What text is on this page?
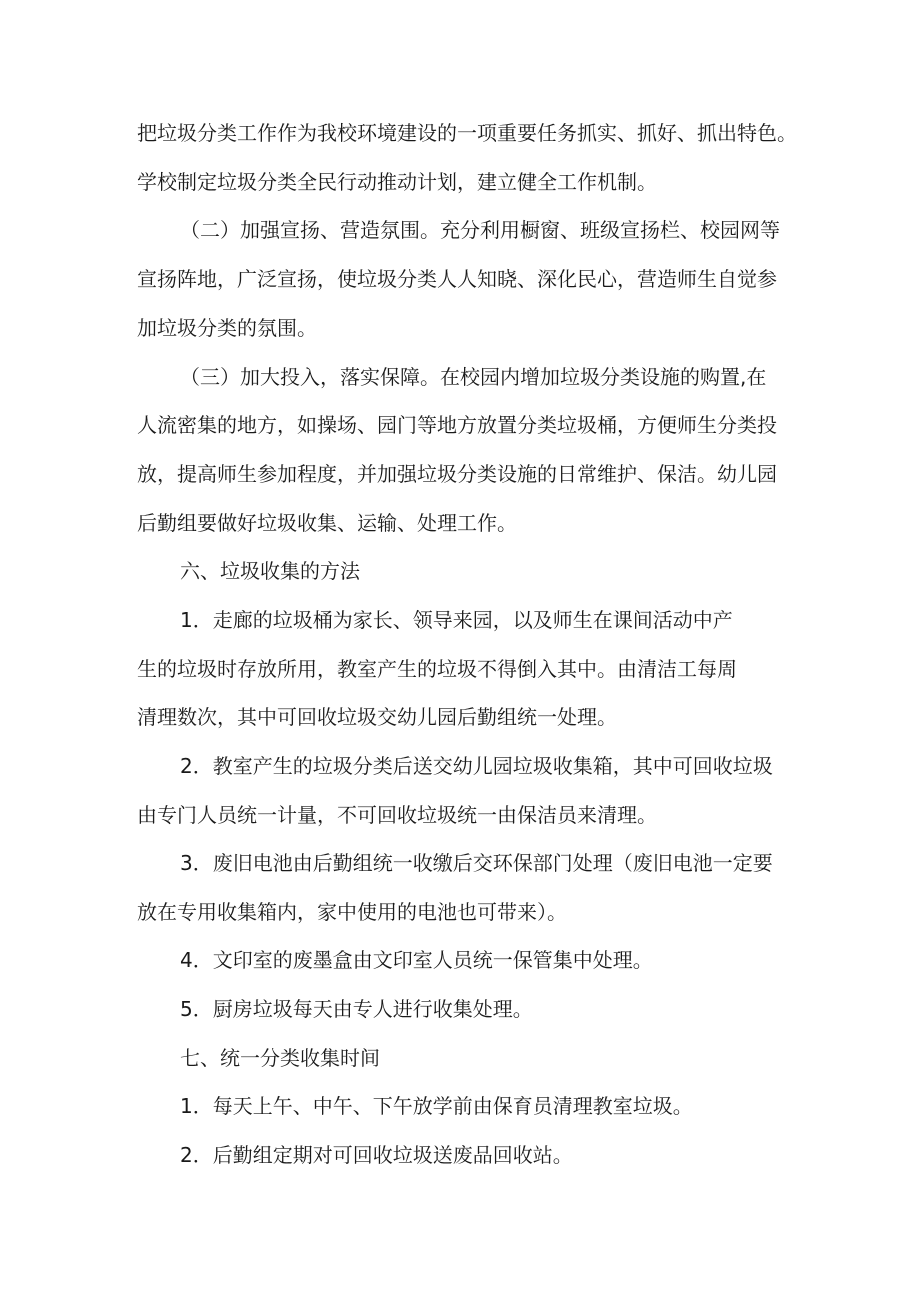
把垃圾分类工作作为我校环境建设的一项重要任务抓实、抓好、抓出特色。
学校制定垃圾分类全民行动推动计划，建立健全工作机制。
（二）加强宣扬、营造氛围。充分利用橱窗、班级宣扬栏、校园网等
宣扬阵地，广泛宣扬，使垃圾分类人人知晓、深化民心，营造师生自觉参
加垃圾分类的氛围。
（三）加大投入，落实保障。在校园内增加垃圾分类设施的购置,在
人流密集的地方，如操场、园门等地方放置分类垃圾桶，方便师生分类投
放，提高师生参加程度，并加强垃圾分类设施的日常维护、保洁。幼儿园
后勤组要做好垃圾收集、运输、处理工作。
六、垃圾收集的方法
1．走廊的垃圾桶为家长、领导来园，以及师生在课间活动中产
生的垃圾时存放所用，教室产生的垃圾不得倒入其中。由清洁工每周
清理数次，其中可回收垃圾交幼儿园后勤组统一处理。
2．教室产生的垃圾分类后送交幼儿园垃圾收集箱，其中可回收垃圾
由专门人员统一计量，不可回收垃圾统一由保洁员来清理。
3．废旧电池由后勤组统一收缴后交环保部门处理（废旧电池一定要
放在专用收集箱内，家中使用的电池也可带来）。
4．文印室的废墨盒由文印室人员统一保管集中处理。
5．厨房垃圾每天由专人进行收集处理。
七、统一分类收集时间
1．每天上午、中午、下午放学前由保育员清理教室垃圾。
2．后勤组定期对可回收垃圾送废品回收站。
